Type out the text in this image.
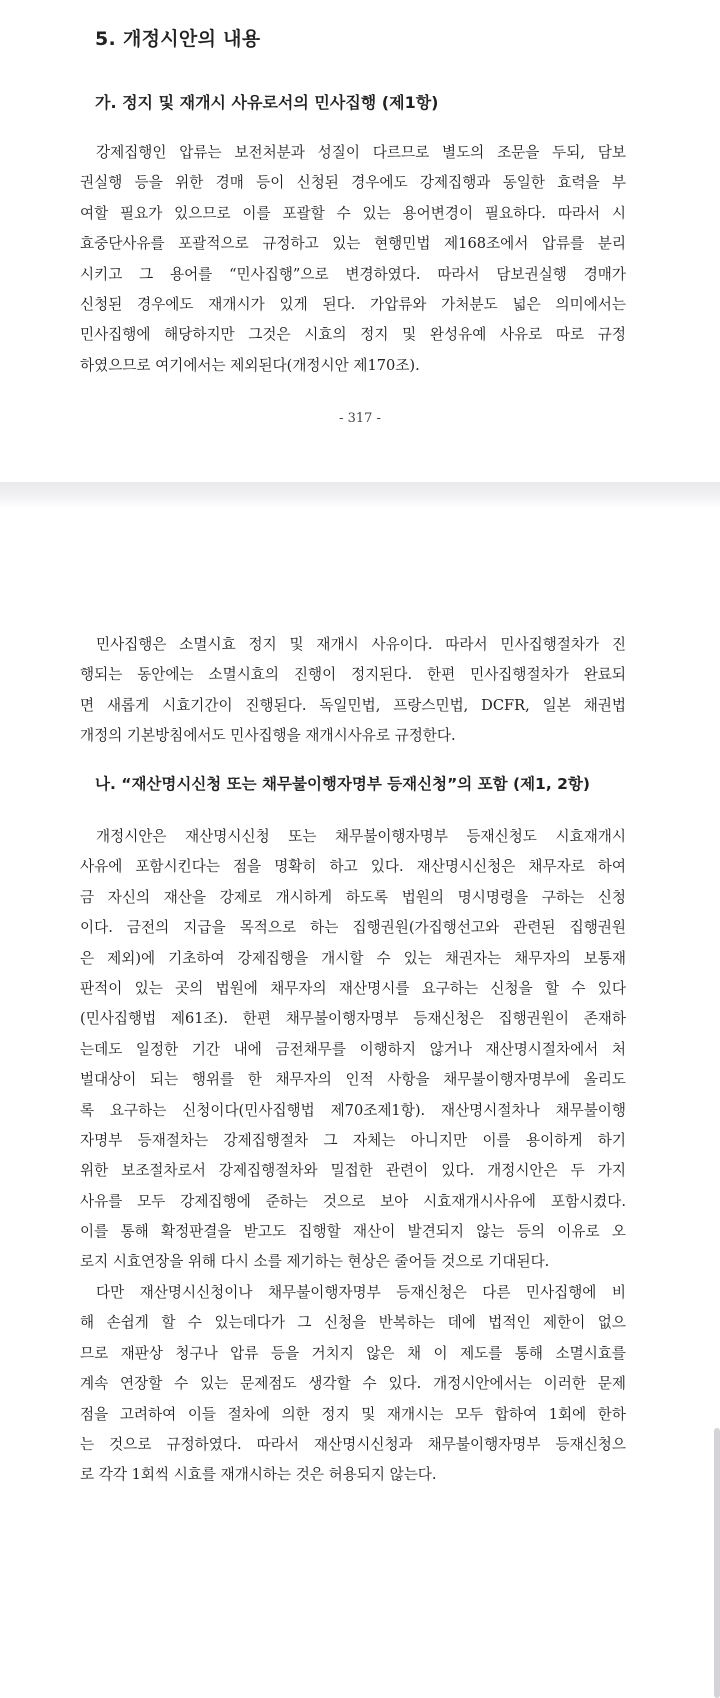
5. 개정시안의 내용
가. 정지 및 재개시 사유로서의 민사집행 (제1항)
강제집행인 압류는 보전처분과 성질이 다르므로 별도의 조문을 두되, 담보
권실행 등을 위한 경매 등이 신청된 경우에도 강제집행과 동일한 효력을 부
여할 필요가 있으므로 이를 포괄할 수 있는 용어변경이 필요하다. 따라서 시
효중단사유를 포괄적으로 규정하고 있는 현행민법 제168조에서 압류를 분리
시키고 그 용어를 “민사집행”으로 변경하였다. 따라서 담보권실행 경매가
신청된 경우에도 재개시가 있게 된다. 가압류와 가처분도 넓은 의미에서는
민사집행에 해당하지만 그것은 시효의 정지 및 완성유예 사유로 따로 규정
하였으므로 여기에서는 제외된다(개정시안 제170조).
- 317 -
민사집행은 소멸시효 정지 및 재개시 사유이다. 따라서 민사집행절차가 진
행되는 동안에는 소멸시효의 진행이 정지된다. 한편 민사집행절차가 완료되
면 새롭게 시효기간이 진행된다. 독일민법, 프랑스민법, DCFR, 일본 채권법
개정의 기본방침에서도 민사집행을 재개시사유로 규정한다.
나. “재산명시신청 또는 채무불이행자명부 등재신청”의 포함 (제1, 2항)
개정시안은 재산명시신청 또는 채무불이행자명부 등재신청도 시효재개시
사유에 포함시킨다는 점을 명확히 하고 있다. 재산명시신청은 채무자로 하여
금 자신의 재산을 강제로 개시하게 하도록 법원의 명시명령을 구하는 신청
이다. 금전의 지급을 목적으로 하는 집행권원(가집행선고와 관련된 집행권원
은 제외)에 기초하여 강제집행을 개시할 수 있는 채권자는 채무자의 보통재
판적이 있는 곳의 법원에 채무자의 재산명시를 요구하는 신청을 할 수 있다
(민사집행법 제61조). 한편 채무불이행자명부 등재신청은 집행권원이 존재하
는데도 일정한 기간 내에 금전채무를 이행하지 않거나 재산명시절차에서 처
벌대상이 되는 행위를 한 채무자의 인적 사항을 채무불이행자명부에 올리도
록 요구하는 신청이다(민사집행법 제70조제1항). 재산명시절차나 채무불이행
자명부 등재절차는 강제집행절차 그 자체는 아니지만 이를 용이하게 하기
위한 보조절차로서 강제집행절차와 밀접한 관련이 있다. 개정시안은 두 가지
사유를 모두 강제집행에 준하는 것으로 보아 시효재개시사유에 포함시켰다.
이를 통해 확정판결을 받고도 집행할 재산이 발견되지 않는 등의 이유로 오
로지 시효연장을 위해 다시 소를 제기하는 현상은 줄어들 것으로 기대된다.
다만 재산명시신청이나 채무불이행자명부 등재신청은 다른 민사집행에 비
해 손쉽게 할 수 있는데다가 그 신청을 반복하는 데에 법적인 제한이 없으
므로 재판상 청구나 압류 등을 거치지 않은 채 이 제도를 통해 소멸시효를
계속 연장할 수 있는 문제점도 생각할 수 있다. 개정시안에서는 이러한 문제
점을 고려하여 이들 절차에 의한 정지 및 재개시는 모두 합하여 1회에 한하
는 것으로 규정하였다. 따라서 재산명시신청과 채무불이행자명부 등재신청으
로 각각 1회씩 시효를 재개시하는 것은 허용되지 않는다.
